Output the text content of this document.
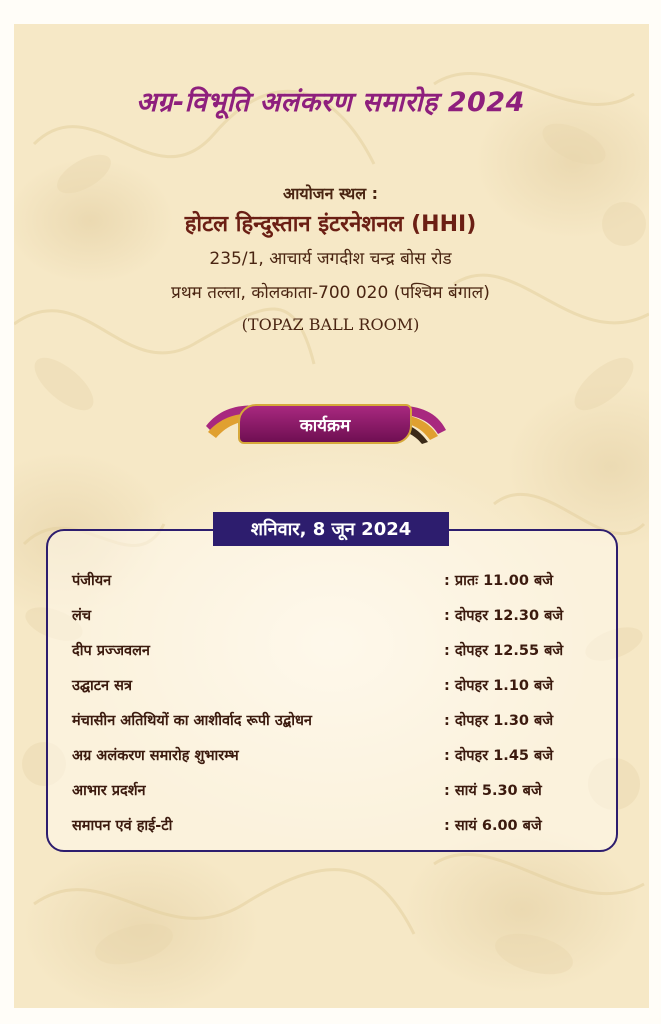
अग्र-विभूति अलंकरण समारोह 2024
आयोजन स्थल :
होटल हिन्दुस्तान इंटरनेशनल (HHI)
235/1, आचार्य जगदीश चन्द्र बोस रोड
प्रथम तल्ला, कोलकाता-700 020 (पश्चिम बंगाल)
(TOPAZ BALL ROOM)
कार्यक्रम
शनिवार, 8 जून 2024
पंजीयन	: प्रातः 11.00 बजे
लंच	: दोपहर 12.30 बजे
दीप प्रज्जवलन	: दोपहर 12.55 बजे
उद्घाटन सत्र	: दोपहर 1.10 बजे
मंचासीन अतिथियों का आशीर्वाद रूपी उद्बोधन	: दोपहर 1.30 बजे
अग्र अलंकरण समारोह शुभारम्भ	: दोपहर 1.45 बजे
आभार प्रदर्शन	: सायं 5.30 बजे
समापन एवं हाई-टी	: सायं 6.00 बजे
